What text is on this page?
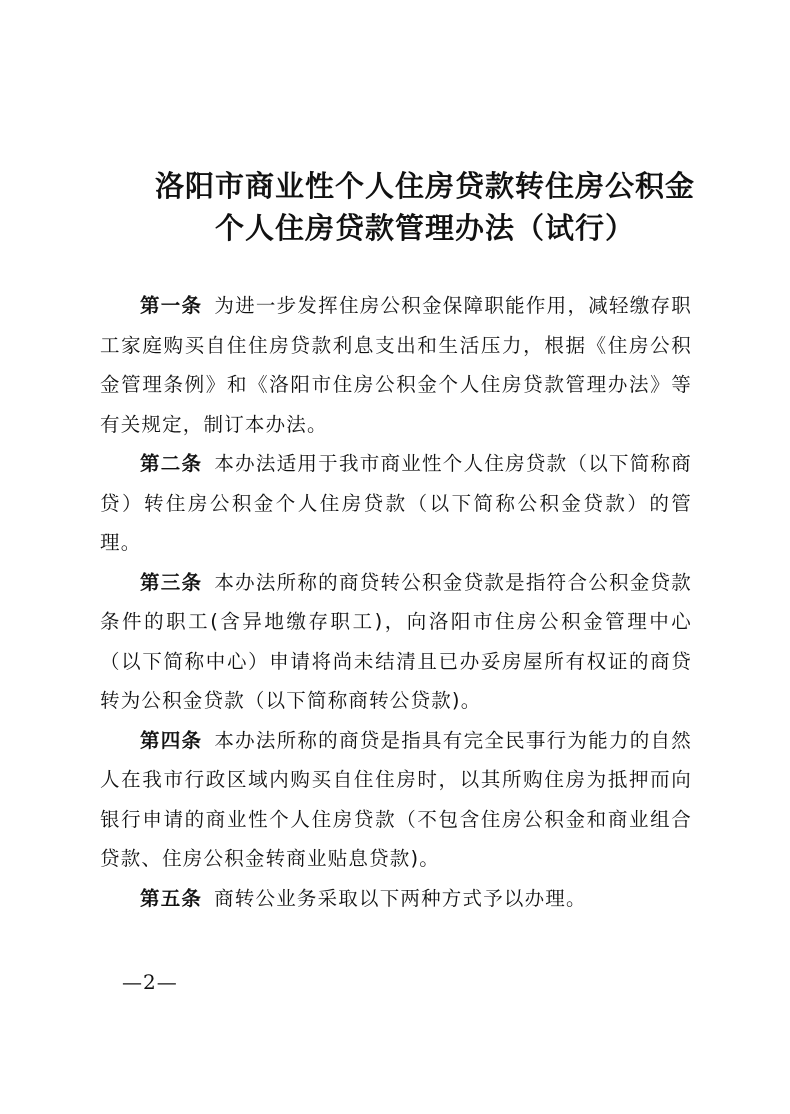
洛阳市商业性个人住房贷款转住房公积金
个人住房贷款管理办法（试行）

第一条 为进一步发挥住房公积金保障职能作用，减轻缴存职工家庭购买自住住房贷款利息支出和生活压力，根据《住房公积金管理条例》和《洛阳市住房公积金个人住房贷款管理办法》等有关规定，制订本办法。

第二条 本办法适用于我市商业性个人住房贷款（以下简称商贷）转住房公积金个人住房贷款（以下简称公积金贷款）的管理。

第三条 本办法所称的商贷转公积金贷款是指符合公积金贷款条件的职工(含异地缴存职工)，向洛阳市住房公积金管理中心（以下简称中心）申请将尚未结清且已办妥房屋所有权证的商贷转为公积金贷款（以下简称商转公贷款)。

第四条 本办法所称的商贷是指具有完全民事行为能力的自然人在我市行政区域内购买自住住房时，以其所购住房为抵押而向银行申请的商业性个人住房贷款（不包含住房公积金和商业组合贷款、住房公积金转商业贴息贷款)。

第五条 商转公业务采取以下两种方式予以办理。

—2—
